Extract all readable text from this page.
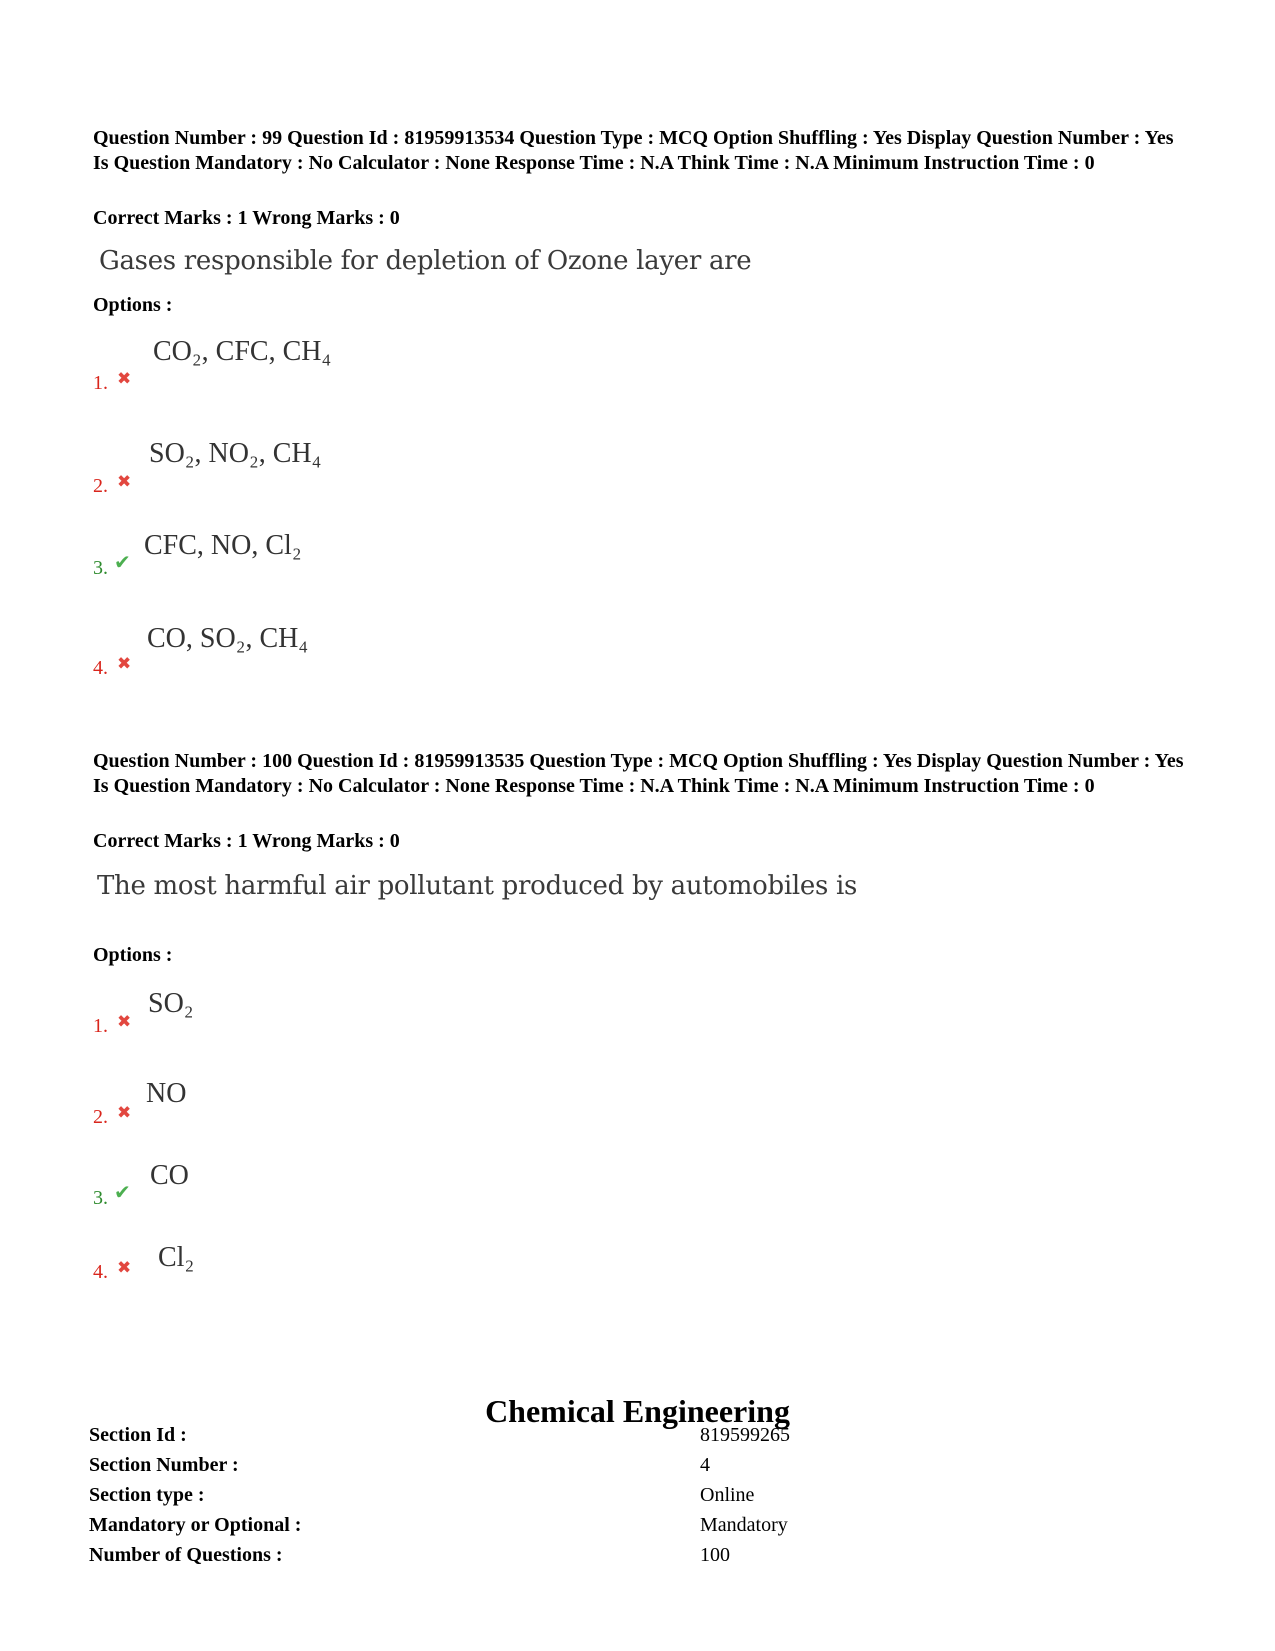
Question Number : 99 Question Id : 81959913534 Question Type : MCQ Option Shuffling : Yes Display Question Number : Yes Is Question Mandatory : No Calculator : None Response Time : N.A Think Time : N.A Minimum Instruction Time : 0
Correct Marks : 1 Wrong Marks : 0
Gases responsible for depletion of Ozone layer are
Options :
CO₂, CFC, CH₄
1. ✖
SO₂, NO₂, CH₄
2. ✖
CFC, NO, Cl₂
3. ✔
CO, SO₂, CH₄
4. ✖
Question Number : 100 Question Id : 81959913535 Question Type : MCQ Option Shuffling : Yes Display Question Number : Yes Is Question Mandatory : No Calculator : None Response Time : N.A Think Time : N.A Minimum Instruction Time : 0
Correct Marks : 1 Wrong Marks : 0
The most harmful air pollutant produced by automobiles is
Options :
SO₂
1. ✖
NO
2. ✖
CO
3. ✔
Cl₂
4. ✖
Chemical Engineering
Section Id :	819599265
Section Number :	4
Section type :	Online
Mandatory or Optional :	Mandatory
Number of Questions :	100
